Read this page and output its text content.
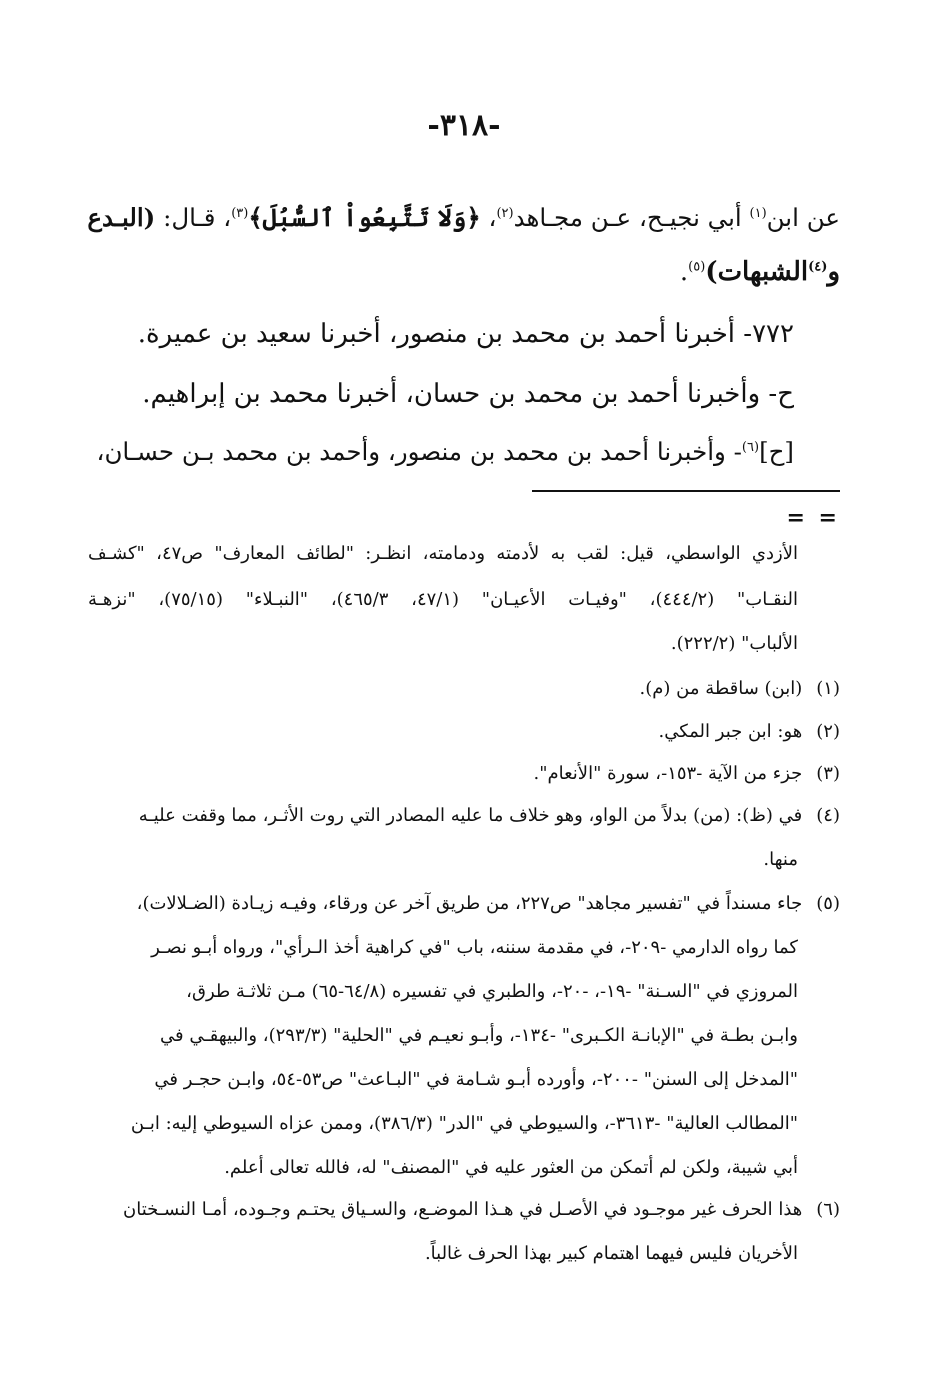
-٣١٨-
عن ابن$^{(١)}$ أبي نجيـح، عـن مجـاهد$^{(٢)}$، ﴿وَلَا تَتَّبِعُواْ ٱلسُّبُلَ﴾$^{(٣)}$، قـال: (البـدع
و$^{(٤)}$الشبهات)$^{(٥)}$.
٧٧٢- أخبرنا أحمد بن محمد بن منصور، أخبرنا سعيد بن عميرة.
ح- وأخبرنا أحمد بن محمد بن حسان، أخبرنا محمد بن إبراهيم.
[ح]$^{(٦)}$- وأخبرنا أحمد بن محمد بن منصور، وأحمد بن محمد بـن حسـان،
= =
الأزدي الواسطي، قيل: لقب به لأدمته ودمامته، انظـر: "لطائف المعارف" ص٤٧، "كشـف
النقـاب" (٤٤٤/٢)، "وفيـات الأعيـان" (٤٧/١، ٤٦٥/٣)، "النبـلاء" (٧٥/١٥)، "نزهـة
الألباب" (٢٢٢/٢).
(١) (ابن) ساقطة من (م).
(٢) هو: ابن جبر المكي.
(٣) جزء من الآية -١٥٣-، سورة "الأنعام".
(٤) في (ظ): (من) بدلاً من الواو، وهو خلاف ما عليه المصادر التي روت الأثـر، مما وقفت عليـه
منها.
(٥) جاء مسنداً في "تفسير مجاهد" ص٢٢٧، من طريق آخر عن ورقاء، وفيـه زيـادة (الضـلالات)،
كما رواه الدارمي -٢٠٩-، في مقدمة سننه، باب "في كراهية أخذ الـرأي"، ورواه أبـو نصـر
المروزي في "السـنة" -١٩-، -٢٠-، والطبري في تفسيره (٦٤/٨-٦٥) مـن ثلاثـة طرق،
وابـن بطـة في "الإبانـة الكـبرى" -١٣٤-، وأبـو نعيـم في "الحلية" (٢٩٣/٣)، والبيهقـي في
"المدخل إلى السنن" -٢٠٠-، وأورده أبـو شـامة في "البـاعث" ص٥٣-٥٤، وابـن حجـر في
"المطالب العالية" -٣٦١٣-، والسيوطي في "الدر" (٣٨٦/٣)، وممن عزاه السيوطي إليه: ابـن
أبي شيبة، ولكن لم أتمكن من العثور عليه في "المصنف" له، فالله تعالى أعلم.
(٦) هذا الحرف غير موجـود في الأصـل في هـذا الموضـع، والسـياق يحتـم وجـوده، أمـا النسـختان
الأخريان فليس فيهما اهتمام كبير بهذا الحرف غالباً.
